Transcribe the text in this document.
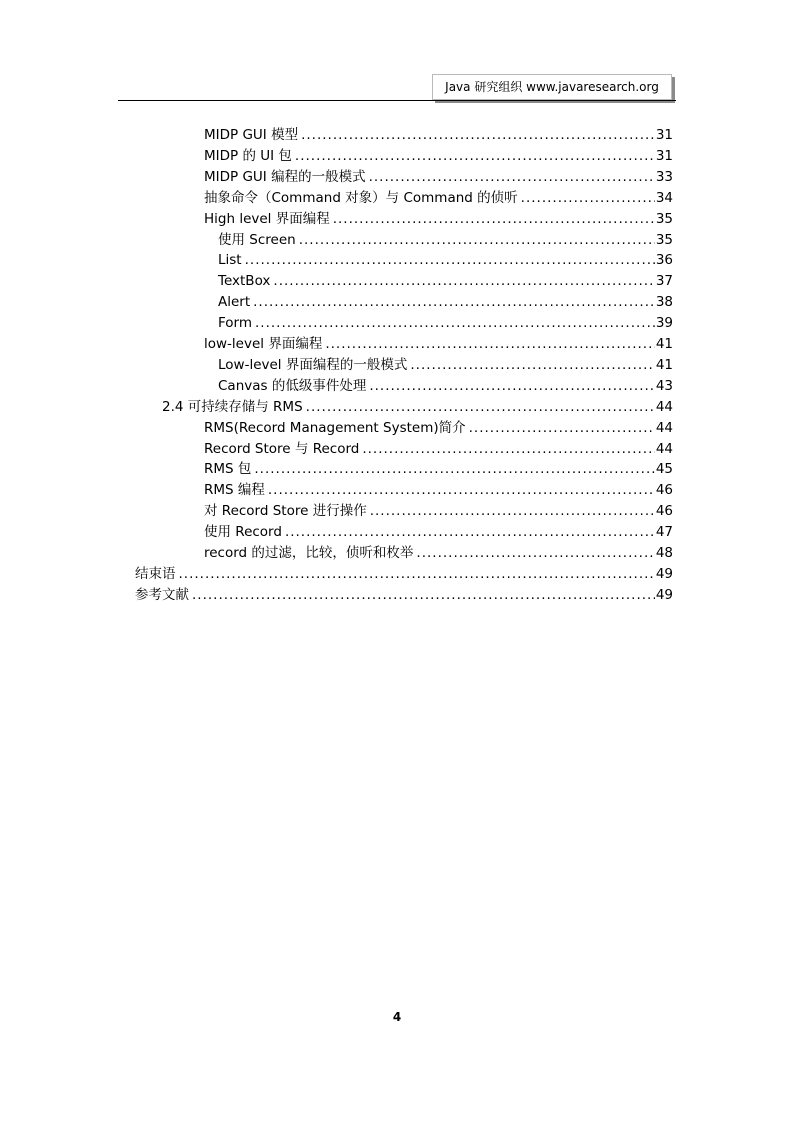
Java 研究组织 www.javaresearch.org
MIDP GUI 模型 .....	31
MIDP 的 UI 包 .....	31
MIDP GUI 编程的一般模式 .....	33
抽象命令（Command 对象）与 Command 的侦听 .....	34
High level 界面编程 .....	35
使用 Screen .....	35
List .....	36
TextBox .....	37
Alert .....	38
Form .....	39
low-level 界面编程 .....	41
Low-level 界面编程的一般模式 .....	41
Canvas 的低级事件处理 .....	43
2.4 可持续存储与 RMS .....	44
RMS(Record Management System)简介 .....	44
Record Store 与 Record .....	44
RMS 包 .....	45
RMS 编程 .....	46
对 Record Store 进行操作 .....	46
使用 Record .....	47
record 的过滤，比较，侦听和枚举 .....	48
结束语 .....	49
参考文献 .....	49
4
